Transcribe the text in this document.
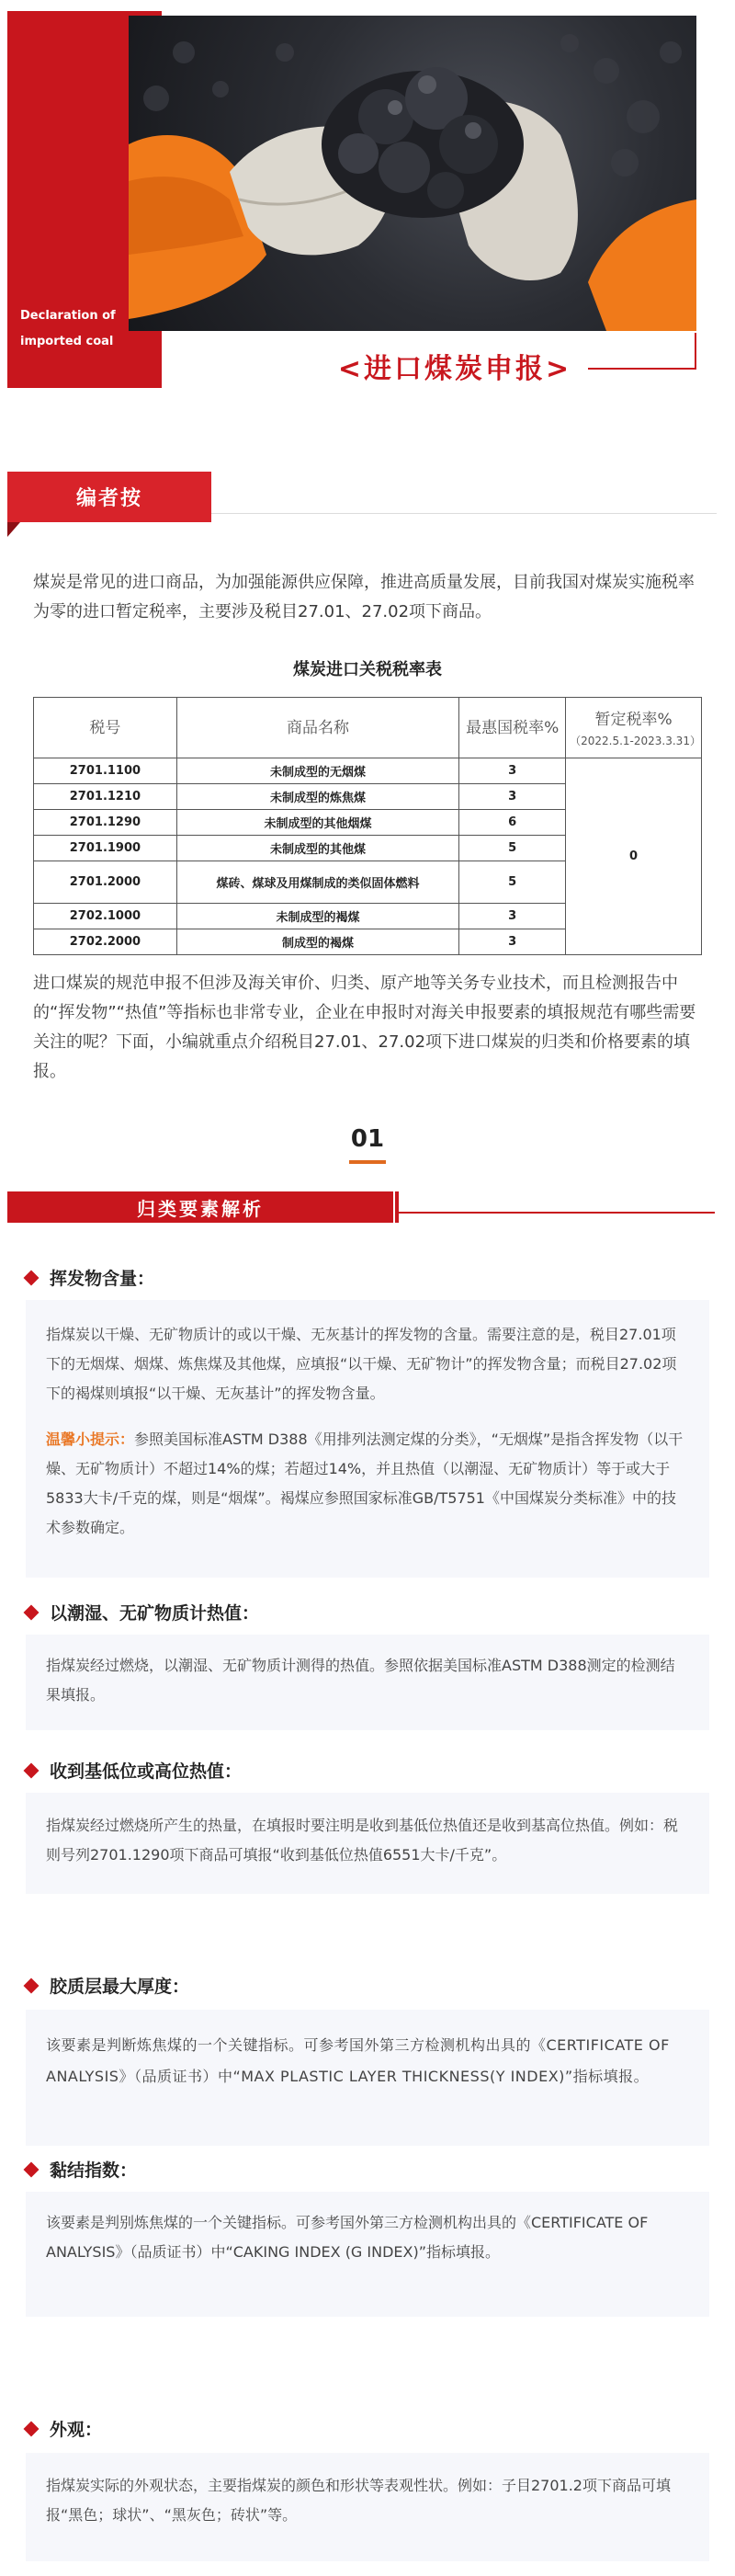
Declaration of imported coal
<进口煤炭申报>
编者按

煤炭是常见的进口商品，为加强能源供应保障，推进高质量发展，目前我国对煤炭实施税率为零的进口暂定税率，主要涉及税目27.01、27.02项下商品。

煤炭进口关税税率表
税号	商品名称	最惠国税率%	暂定税率%
（2022.5.1-2023.3.31）

2701.1100	未制成型的无烟煤	3	0
2701.1210	未制成型的炼焦煤	3	
2701.1290	未制成型的其他烟煤	6	
2701.1900	未制成型的其他煤	5	
2701.2000	煤砖、煤球及用煤制成的类似固体燃料	5	
2702.1000	未制成型的褐煤	3	
2702.2000	制成型的褐煤	3	

进口煤炭的规范申报不但涉及海关审价、归类、原产地等关务专业技术，而且检测报告中的“挥发物”“热值”等指标也非常专业，企业在申报时对海关申报要素的填报规范有哪些需要关注的呢？下面，小编就重点介绍税目27.01、27.02项下进口煤炭的归类和价格要素的填报。

01
归类要素解析
挥发物含量：

指煤炭以干燥、无矿物质计的或以干燥、无灰基计的挥发物的含量。需要注意的是，税目27.01项下的无烟煤、烟煤、炼焦煤及其他煤，应填报“以干燥、无矿物计”的挥发物含量；而税目27.02项下的褐煤则填报“以干燥、无灰基计”的挥发物含量。

温馨小提示：参照美国标准ASTM D388《用排列法测定煤的分类》，“无烟煤”是指含挥发物（以干燥、无矿物质计）不超过14%的煤；若超过14%，并且热值（以潮湿、无矿物质计）等于或大于5833大卡/千克的煤，则是“烟煤”。褐煤应参照国家标准GB/T5751《中国煤炭分类标准》中的技术参数确定。

以潮湿、无矿物质计热值：

指煤炭经过燃烧，以潮湿、无矿物质计测得的热值。参照依据美国标准ASTM D388测定的检测结果填报。

收到基低位或高位热值：

指煤炭经过燃烧所产生的热量，在填报时要注明是收到基低位热值还是收到基高位热值。例如：税则号列2701.1290项下商品可填报“收到基低位热值6551大卡/千克”。

胶质层最大厚度：

该要素是判断炼焦煤的一个关键指标。可参考国外第三方检测机构出具的《CERTIFICATE OF ANALYSIS》（品质证书）中“MAX PLASTIC LAYER THICKNESS(Y INDEX)”指标填报。

黏结指数：

该要素是判别炼焦煤的一个关键指标。可参考国外第三方检测机构出具的《CERTIFICATE OF ANALYSIS》（品质证书）中“CAKING INDEX (G INDEX)”指标填报。

外观：

指煤炭实际的外观状态，主要指煤炭的颜色和形状等表观性状。例如：子目2701.2项下商品可填报“黑色；球状”、“黑灰色；砖状”等。
